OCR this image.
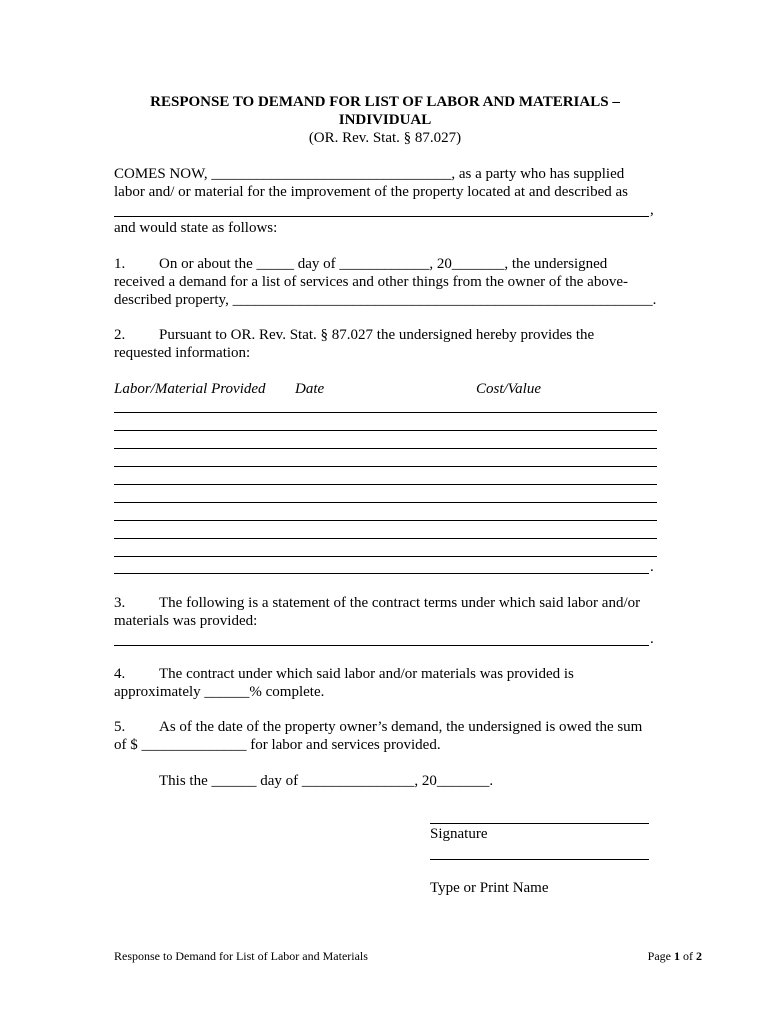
RESPONSE TO DEMAND FOR LIST OF LABOR AND MATERIALS –
INDIVIDUAL
(OR. Rev. Stat. § 87.027)
COMES NOW, ________________________________, as a party who has supplied
labor and/ or material for the improvement of the property located at and described as
,
and would state as follows:
1. On or about the _____ day of ____________, 20_______, the undersigned
received a demand for a list of services and other things from the owner of the above-
described property, ________________________________________________________.
2. Pursuant to OR. Rev. Stat. § 87.027 the undersigned hereby provides the
requested information:
Labor/Material Provided Date	Cost/Value
.
3. The following is a statement of the contract terms under which said labor and/or
materials was provided:
.
4. The contract under which said labor and/or materials was provided is
approximately ______% complete.
5. As of the date of the property owner’s demand, the undersigned is owed the sum
of $ ______________ for labor and services provided.
This the ______ day of _______________, 20_______.
Signature
Type or Print Name
Response to Demand for List of Labor and Materials	Page 1 of 2
